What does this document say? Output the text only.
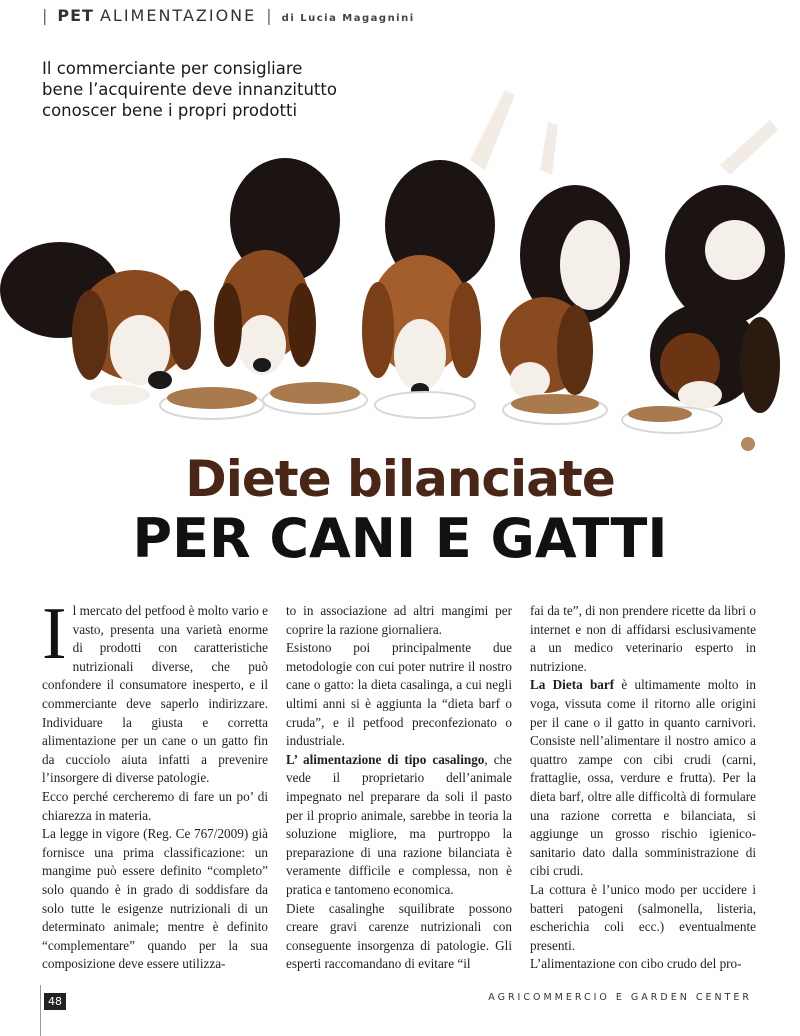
| PET ALIMENTAZIONE | di Lucia Magagnini
Il commerciante per consigliare
bene l’acquirente deve innanzitutto
conoscer bene i propri prodotti
Diete bilanciate
PER CANI E GATTI

Il mercato del petfood è molto vario e vasto, presenta una varietà enorme di prodotti con caratteristiche nutrizionali diverse, che può confondere il consumatore inesperto, e il commerciante deve saperlo indirizzare. Individuare la giusta e corretta alimentazione per un cane o un gatto fin da cucciolo aiuta infatti a prevenire l’insorgere di diverse patologie.

Ecco perché cercheremo di fare un po’ di chiarezza in materia.

La legge in vigore (Reg. Ce 767/2009) già fornisce una prima classificazione: un mangime può essere definito “completo” solo quando è in grado di soddisfare da solo tutte le esigenze nutrizionali di un determinato animale; mentre è definito “complementare” quando per la sua composizione deve essere utilizza-

to in associazione ad altri mangimi per coprire la razione giornaliera.

Esistono poi principalmente due metodologie con cui poter nutrire il nostro cane o gatto: la dieta casalinga, a cui negli ultimi anni si è aggiunta la “dieta barf o cruda”, e il petfood preconfezionato o industriale.

L’ alimentazione di tipo casalingo, che vede il proprietario dell’animale impegnato nel preparare da soli il pasto per il proprio animale, sarebbe in teoria la soluzione migliore, ma purtroppo la preparazione di una razione bilanciata è veramente difficile e complessa, non è pratica e tantomeno economica.

Diete casalinghe squilibrate possono creare gravi carenze nutrizionali con conseguente insorgenza di patologie. Gli esperti raccomandano di evitare “il

fai da te”, di non prendere ricette da libri o internet e non di affidarsi esclusivamente a un medico veterinario esperto in nutrizione.

La Dieta barf è ultimamente molto in voga, vissuta come il ritorno alle origini per il cane o il gatto in quanto carnivori. Consiste nell’alimentare il nostro amico a quattro zampe con cibi crudi (carni, frattaglie, ossa, verdure e frutta). Per la dieta barf, oltre alle difficoltà di formulare una razione corretta e bilanciata, si aggiunge un grosso rischio igienico-sanitario dato dalla somministrazione di cibi crudi.

La cottura è l’unico modo per uccidere i batteri patogeni (salmonella, listeria, escherichia coli ecc.) eventualmente presenti.

L’alimentazione con cibo crudo del pro-

48	AGRICOMMERCIO E GARDEN CENTER
